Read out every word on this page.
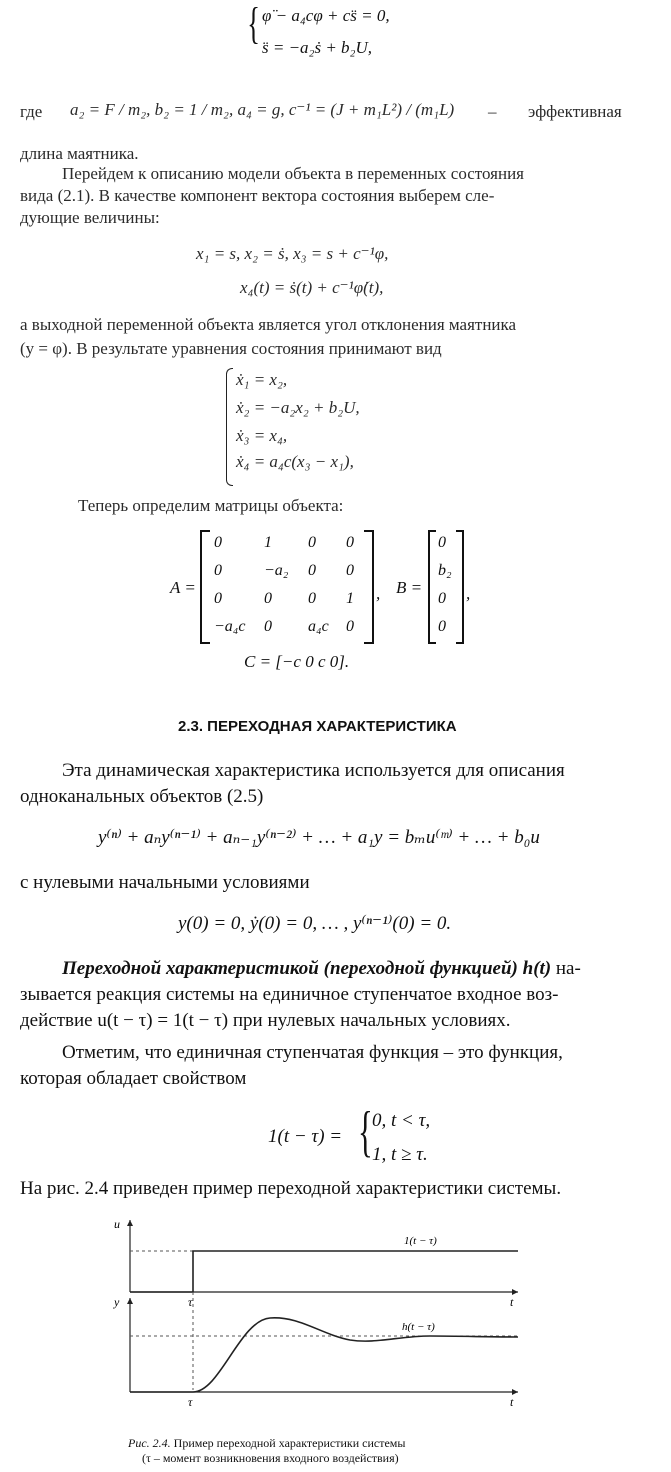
{ φ̈ − a₄cφ + cs̈ = 0,
s̈ = −a₂ṡ + b₂U,
где a₂ = F / m₂, b₂ = 1 / m₂, a₄ = g, c⁻¹ = (J + m₁L²) / (m₁L) – эффективная
длина маятника.
Перейдем к описанию модели объекта в переменных состояния
вида (2.1). В качестве компонент вектора состояния выберем сле-
дующие величины:
x₁ = s, x₂ = ṡ, x₃ = s + c⁻¹φ,
x₄(t) = ṡ(t) + c⁻¹φ̇(t),
а выходной переменной объекта является угол отклонения маятника
(y = φ). В результате уравнения состояния принимают вид
ẋ₁ = x₂,
ẋ₂ = −a₂x₂ + b₂U,
ẋ₃ = x₄,
ẋ₄ = a₄c(x₃ − x₁),
Теперь определим матрицы объекта:
A =
0	1 0 0
0	−a₂ 0 0
0	0 0 1
−a₄c 0 a₄c 0
, B =
0
b₂
0
0
,
C = [−c 0 c 0].
2.3. ПЕРЕХОДНАЯ ХАРАКТЕРИСТИКА
Эта динамическая характеристика используется для описания
одноканальных объектов (2.5)
y⁽ⁿ⁾ + aₙy⁽ⁿ⁻¹⁾ + aₙ₋₁y⁽ⁿ⁻²⁾ + … + a₁y = bₘu⁽ᵐ⁾ + … + b₀u
с нулевыми начальными условиями
y(0) = 0, ẏ(0) = 0, … , y⁽ⁿ⁻¹⁾(0) = 0.
Переходной характеристикой (переходной функцией) h(t) на-
зывается реакция системы на единичное ступенчатое входное воз-
действие u(t − τ) = 1(t − τ) при нулевых начальных условиях.
Отметим, что единичная ступенчатая функция – это функция,
которая обладает свойством
1(t − τ) = { 0, t < τ,
1, t ≥ τ.
На рис. 2.4 приведен пример переходной характеристики системы.
u
1(t − τ)
τ	t
y
h(t − τ)
τ	t
Рис. 2.4. Пример переходной характеристики системы
(τ – момент возникновения входного воздействия)
